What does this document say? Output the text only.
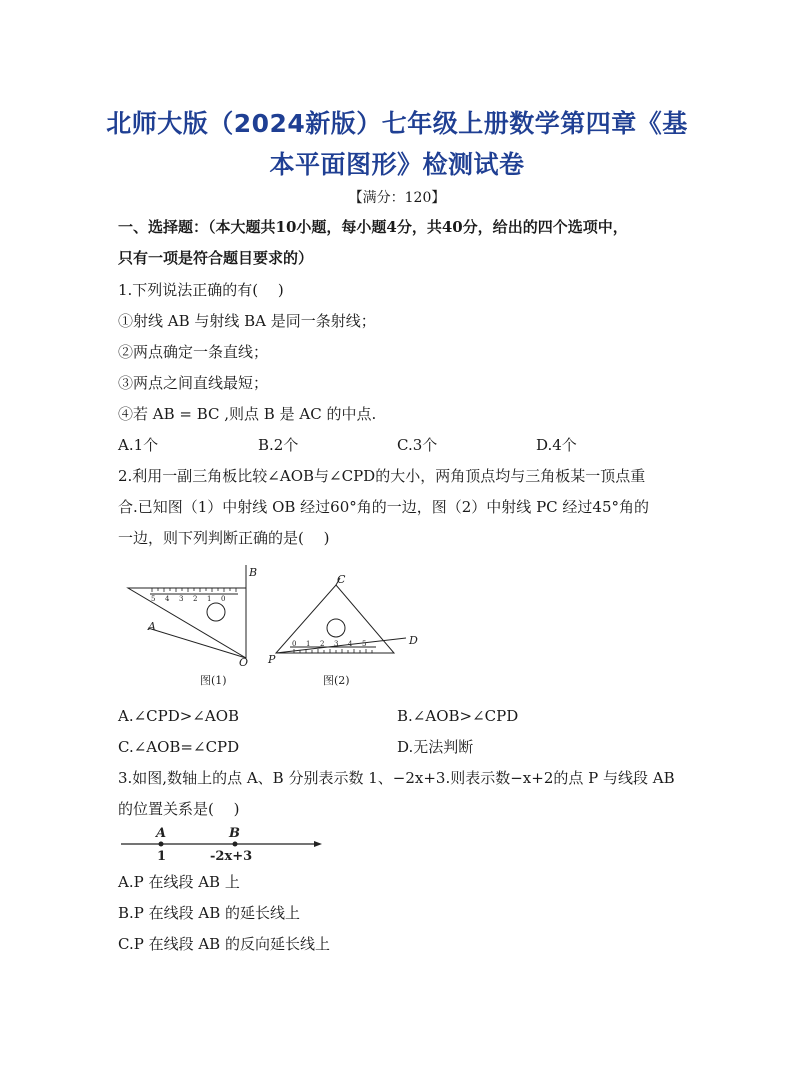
北师大版（2024新版）七年级上册数学第四章《基
本平面图形》检测试卷
【满分：120】
一、选择题：（本大题共10小题，每小题4分，共40分，给出的四个选项中，
只有一项是符合题目要求的）
1.下列说法正确的有(　 )
①射线 AB 与射线 BA 是同一条射线；
②两点确定一条直线；
③两点之间直线最短；
④若 AB = BC ,则点 B 是 AC 的中点.
A.1个	B.2个	C.3个	D.4个
2.利用一副三角板比较∠AOB与∠CPD的大小，两角顶点均与三角板某一顶点重
合.已知图（1）中射线 OB 经过60°角的一边，图（2）中射线 PC 经过45°角的
一边，则下列判断正确的是(　 )
5 4 3 2 1 0
B
A
O
图(1)
0 1 2 3 4 5
C
D
P
图(2)
A.∠CPD>∠AOB	B.∠AOB>∠CPD
C.∠AOB=∠CPD	D.无法判断
3.如图,数轴上的点 A、B 分别表示数 1、−2x+3.则表示数−x+2的点 P 与线段 AB
的位置关系是(　 )
A	B
1	-2x+3
A.P 在线段 AB 上
B.P 在线段 AB 的延长线上
C.P 在线段 AB 的反向延长线上
